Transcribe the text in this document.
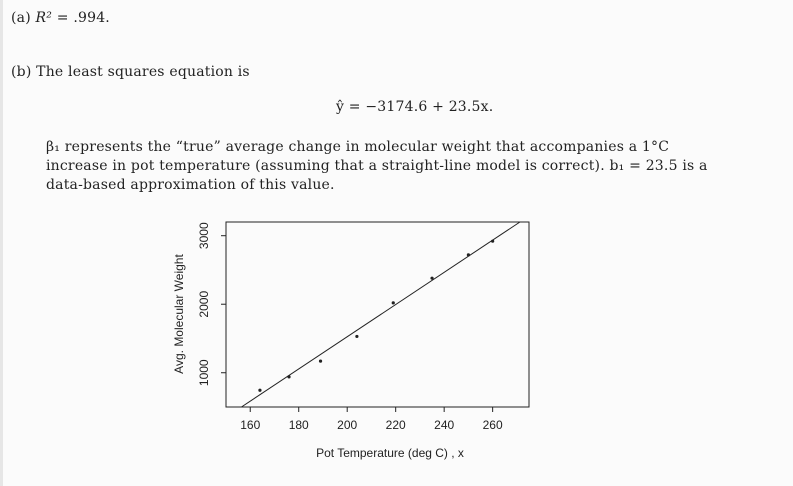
(a) R² = .994.
(b) The least squares equation is
ŷ = −3174.6 + 23.5x.
β₁ represents the “true” average change in molecular weight that accompanies a 1°C
increase in pot temperature (assuming that a straight-line model is correct). b₁ = 23.5 is a
data-based approximation of this value.
160 180 200 220 240 260
1000
2000
3000
Avg. Molecular Weight
Pot Temperature (deg C) , x
